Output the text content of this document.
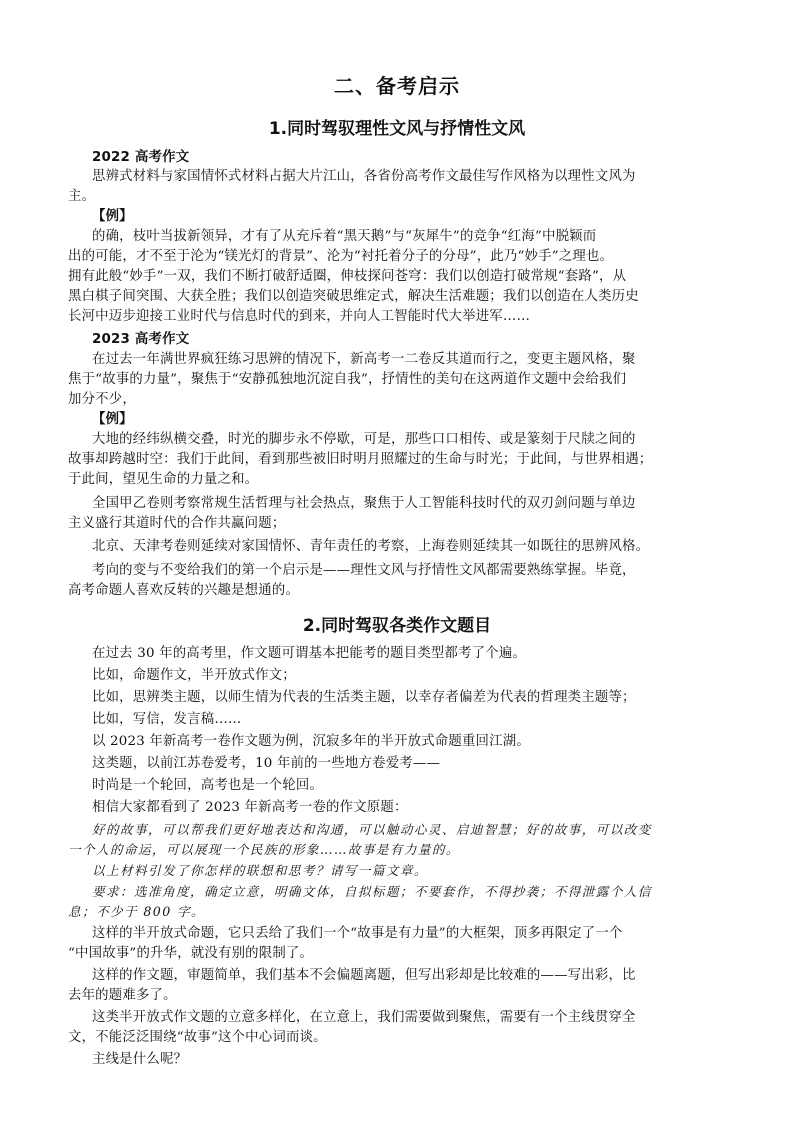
二、备考启示
1.同时驾驭理性文风与抒情性文风
2022 高考作文
思辨式材料与家国情怀式材料占据大片江山，各省份高考作文最佳写作风格为以理性文风为
主。
【例】
的确，枝叶当拔新领异，才有了从充斥着“黑天鹅”与“灰犀牛”的竞争“红海”中脱颖而
出的可能，才不至于沦为“镁光灯的背景”、沦为“衬托着分子的分母”，此乃“妙手”之理也。
拥有此般“妙手”一双，我们不断打破舒适圈，伸枝探问苍穹：我们以创造打破常规“套路”，从
黑白棋子间突围、大获全胜；我们以创造突破思维定式，解决生活难题；我们以创造在人类历史
长河中迈步迎接工业时代与信息时代的到来，并向人工智能时代大举进军……
2023 高考作文
在过去一年满世界疯狂练习思辨的情况下，新高考一二卷反其道而行之，变更主题风格，聚
焦于“故事的力量”，聚焦于“安静孤独地沉淀自我”，抒情性的美句在这两道作文题中会给我们
加分不少，
【例】
大地的经纬纵横交叠，时光的脚步永不停歇，可是，那些口口相传、或是篆刻于尺牍之间的
故事却跨越时空：我们于此间，看到那些被旧时明月照耀过的生命与时光；于此间，与世界相遇；
于此间，望见生命的力量之和。
全国甲乙卷则考察常规生活哲理与社会热点，聚焦于人工智能科技时代的双刃剑问题与单边
主义盛行其道时代的合作共赢问题；
北京、天津考卷则延续对家国情怀、青年责任的考察，上海卷则延续其一如既往的思辨风格。
考向的变与不变给我们的第一个启示是——理性文风与抒情性文风都需要熟练掌握。毕竟，
高考命题人喜欢反转的兴趣是想通的。
2.同时驾驭各类作文题目
在过去 30 年的高考里，作文题可谓基本把能考的题目类型都考了个遍。
比如，命题作文，半开放式作文；
比如，思辨类主题，以师生情为代表的生活类主题，以幸存者偏差为代表的哲理类主题等；
比如，写信，发言稿……
以 2023 年新高考一卷作文题为例，沉寂多年的半开放式命题重回江湖。
这类题，以前江苏卷爱考，10 年前的一些地方卷爱考——
时尚是一个轮回，高考也是一个轮回。
相信大家都看到了 2023 年新高考一卷的作文原题：
好的故事，可以帮我们更好地表达和沟通，可以触动心灵、启迪智慧；好的故事，可以改变
一个人的命运，可以展现一个民族的形象……故事是有力量的。
以上材料引发了你怎样的联想和思考？请写一篇文章。
要求：选准角度，确定立意，明确文体，自拟标题；不要套作，不得抄袭；不得泄露个人信
息；不少于 800 字。
这样的半开放式命题，它只丢给了我们一个“故事是有力量”的大框架，顶多再限定了一个
“中国故事”的升华，就没有别的限制了。
这样的作文题，审题简单，我们基本不会偏题离题，但写出彩却是比较难的——写出彩，比
去年的题难多了。
这类半开放式作文题的立意多样化，在立意上，我们需要做到聚焦，需要有一个主线贯穿全
文，不能泛泛围绕“故事”这个中心词而谈。
主线是什么呢？
